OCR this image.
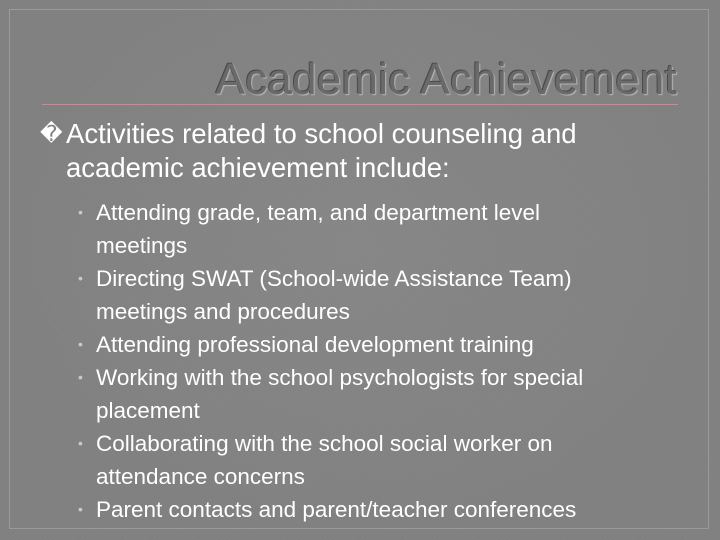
Academic Achievement
� Activities related to school counseling and
academic achievement include:
• Attending grade, team, and department level
meetings
• Directing SWAT (School-wide Assistance Team)
meetings and procedures
• Attending professional development training
• Working with the school psychologists for special
placement
• Collaborating with the school social worker on
attendance concerns
• Parent contacts and parent/teacher conferences
